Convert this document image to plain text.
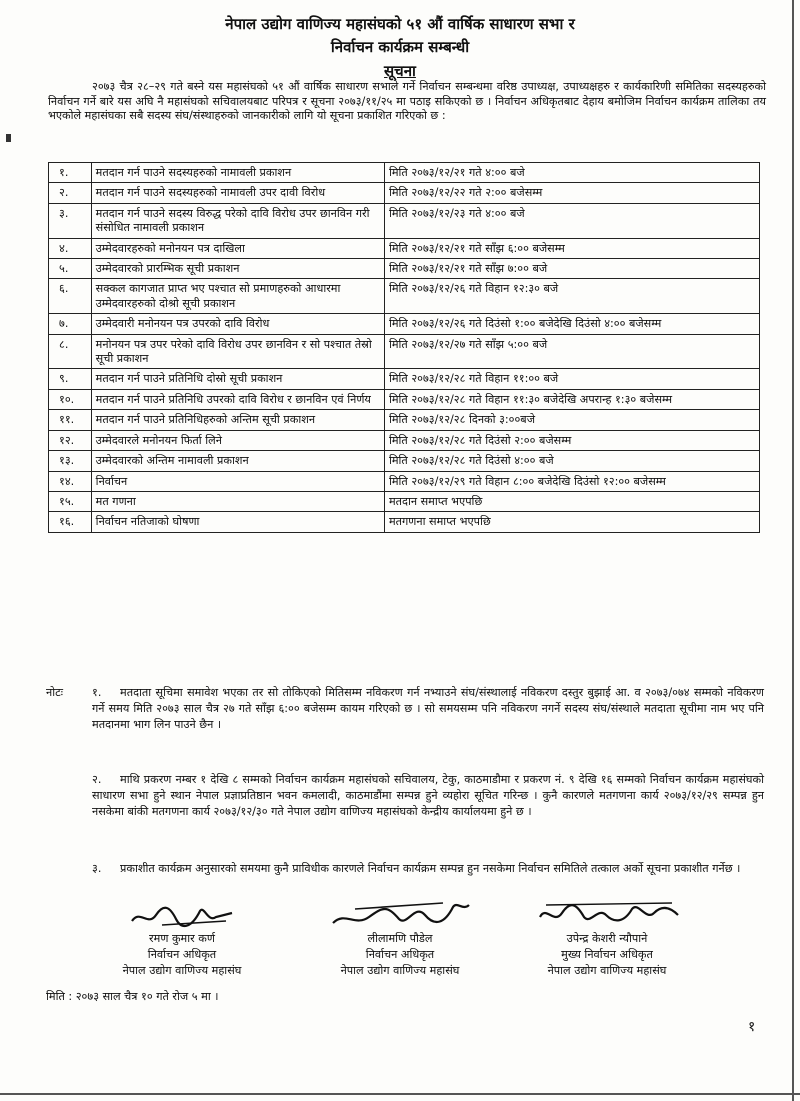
नेपाल उद्योग वाणिज्य महासंघको ५१ औं वार्षिक साधारण सभा र
निर्वाचन कार्यक्रम सम्बन्धी
सूचना
२०७३ चैत्र २८–२९ गते बस्ने यस महासंघको ५१ औं वार्षिक साधारण सभाले गर्ने निर्वाचन सम्बन्धमा वरिष्ठ उपाध्यक्ष, उपाध्यक्षहरु र कार्यकारिणी समितिका सदस्यहरुको निर्वाचन गर्ने बारे यस अघि नै महासंघको सचिवालयबाट परिपत्र र सूचना २०७३/११/२५ मा पठाइ सकिएको छ । निर्वाचन अधिकृतबाट देहाय बमोजिम निर्वाचन कार्यक्रम तालिका तय भएकोले महासंघका सबै सदस्य संघ/संस्थाहरुको जानकारीको लागि यो सूचना प्रकाशित गरिएको छ :
१.	मतदान गर्न पाउने सदस्यहरुको नामावली प्रकाशन	मिति २०७३/१२/२१ गते ४:०० बजे
२.	मतदान गर्न पाउने सदस्यहरुको नामावली उपर दावी विरोध	मिति २०७३/१२/२२ गते २:०० बजेसम्म
३.	मतदान गर्न पाउने सदस्य विरुद्ध परेको दावि विरोध उपर छानविन गरी संसोधित नामावली प्रकाशन	मिति २०७३/१२/२३ गते ४:०० बजे
४.	उम्मेदवारहरुको मनोनयन पत्र दाखिला	मिति २०७३/१२/२१ गते साँझ ६:०० बजेसम्म
५.	उम्मेदवारको प्रारम्भिक सूची प्रकाशन	मिति २०७३/१२/२१ गते साँझ ७:०० बजे
६.	सक्कल कागजात प्राप्त भए पश्चात सो प्रमाणहरुको आधारमा उम्मेदवारहरुको दोश्रो सूची प्रकाशन	मिति २०७३/१२/२६ गते विहान १२:३० बजे
७.	उम्मेदवारी मनोनयन पत्र उपरको दावि विरोध	मिति २०७३/१२/२६ गते दिउंसो १:०० बजेदेखि दिउंसो ४:०० बजेसम्म
८.	मनोनयन पत्र उपर परेको दावि विरोध उपर छानविन र सो पश्चात तेस्रो सूची प्रकाशन	मिति २०७३/१२/२७ गते साँझ ५:०० बजे
९.	मतदान गर्न पाउने प्रतिनिधि दोस्रो सूची प्रकाशन	मिति २०७३/१२/२८ गते विहान ११:०० बजे
१०.	मतदान गर्न पाउने प्रतिनिधि उपरको दावि विरोध र छानविन एवं निर्णय	मिति २०७३/१२/२८ गते विहान ११:३० बजेदेखि अपरान्ह १:३० बजेसम्म
११.	मतदान गर्न पाउने प्रतिनिधिहरुको अन्तिम सूची प्रकाशन	मिति २०७३/१२/२८ दिनको ३:००बजे
१२.	उम्मेदवारले मनोनयन फिर्ता लिने	मिति २०७३/१२/२८ गते दिउंसो २:०० बजेसम्म
१३.	उम्मेदवारको अन्तिम नामावली प्रकाशन	मिति २०७३/१२/२८ गते दिउंसो ४:०० बजे
१४.	निर्वाचन	मिति २०७३/१२/२९ गते विहान ८:०० बजेदेखि दिउंसो १२:०० बजेसम्म
१५.	मत गणना	मतदान समाप्त भएपछि
१६.	निर्वाचन नतिजाको घोषणा	मतगणना समाप्त भएपछि
नोटः	१. मतदाता सूचिमा समावेश भएका तर सो तोकिएको मितिसम्म नविकरण गर्न नभ्याउने संघ/संस्थालाई नविकरण दस्तुर बुझाई आ. व २०७३/०७४ सम्मको नविकरण गर्ने समय मिति २०७३ साल चैत्र २७ गते साँझ ६:०० बजेसम्म कायम गरिएको छ । सो समयसम्म पनि नविकरण नगर्ने सदस्य संघ/संस्थाले मतदाता सूचीमा नाम भए पनि मतदानमा भाग लिन पाउने छैन ।
२. माथि प्रकरण नम्बर १ देखि ८ सम्मको निर्वाचन कार्यक्रम महासंघको सचिवालय, टेकु, काठमाडौमा र प्रकरण नं. ९ देखि १६ सम्मको निर्वाचन कार्यक्रम महासंघको साधारण सभा हुने स्थान नेपाल प्रज्ञाप्रतिष्ठान भवन कमलादी, काठमाडौंमा सम्पन्न हुने व्यहोरा सूचित गरिन्छ । कुनै कारणले मतगणना कार्य २०७३/१२/२९ सम्पन्न हुन नसकेमा बांकी मतगणना कार्य २०७३/१२/३० गते नेपाल उद्योग वाणिज्य महासंघको केन्द्रीय कार्यालयमा हुने छ ।
३. प्रकाशीत कार्यक्रम अनुसारको समयमा कुनै प्राविधीक कारणले निर्वाचन कार्यक्रम सम्पन्न हुन नसकेमा निर्वाचन समितिले तत्काल अर्को सूचना प्रकाशीत गर्नेछ ।
रमण कुमार कर्ण
निर्वाचन अधिकृत
नेपाल उद्योग वाणिज्य महासंघ
लीलामणि पौडेल
निर्वाचन अधिकृत
नेपाल उद्योग वाणिज्य महासंघ
उपेन्द्र केशरी न्यौपाने
मुख्य निर्वाचन अधिकृत
नेपाल उद्योग वाणिज्य महासंघ
मिति : २०७३ साल चैत्र १० गते रोज ५ मा ।
१
